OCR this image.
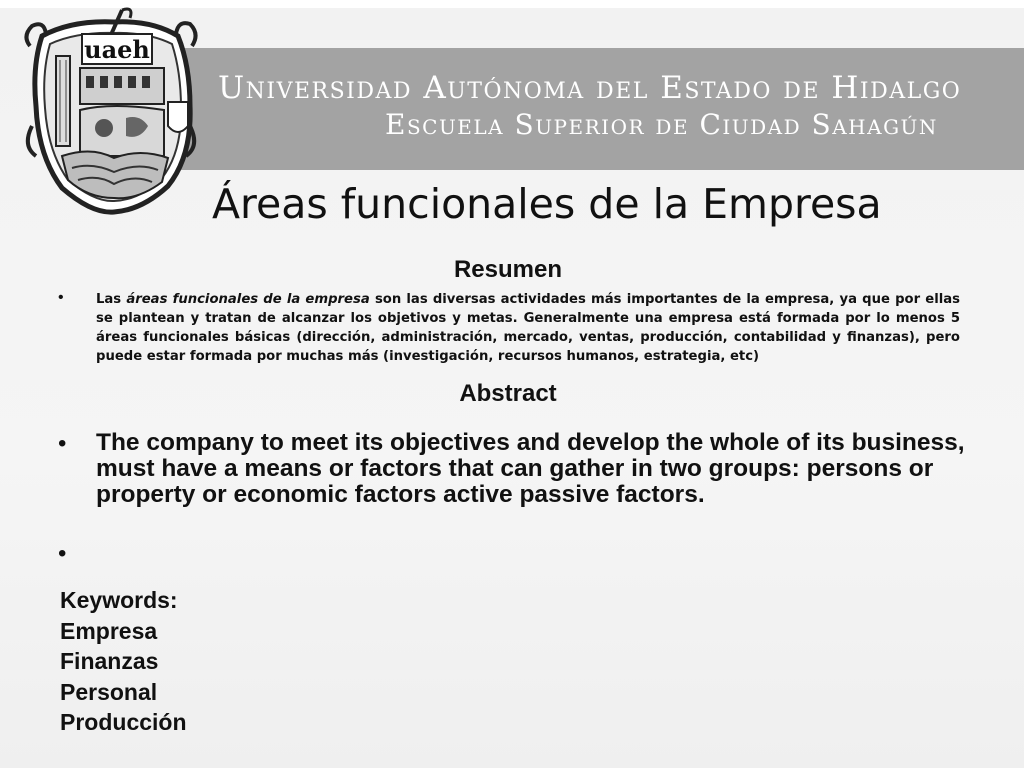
uaeh
Universidad Autónoma del Estado de Hidalgo
Escuela Superior de Ciudad Sahagún
Áreas funcionales de la Empresa
Resumen
• Las áreas funcionales de la empresa son las diversas actividades más importantes de la empresa, ya que por ellas se plantean y tratan de alcanzar los objetivos y metas. Generalmente una empresa está formada por lo menos 5 áreas funcionales básicas (dirección, administración, mercado, ventas, producción, contabilidad y finanzas), pero puede estar formada por muchas más (investigación, recursos humanos, estrategia, etc)
Abstract
• The company to meet its objectives and develop the whole of its business, must have a means or factors that can gather in two groups: persons or property or economic factors active passive factors.
•
Keywords:
Empresa
Finanzas
Personal
Producción
